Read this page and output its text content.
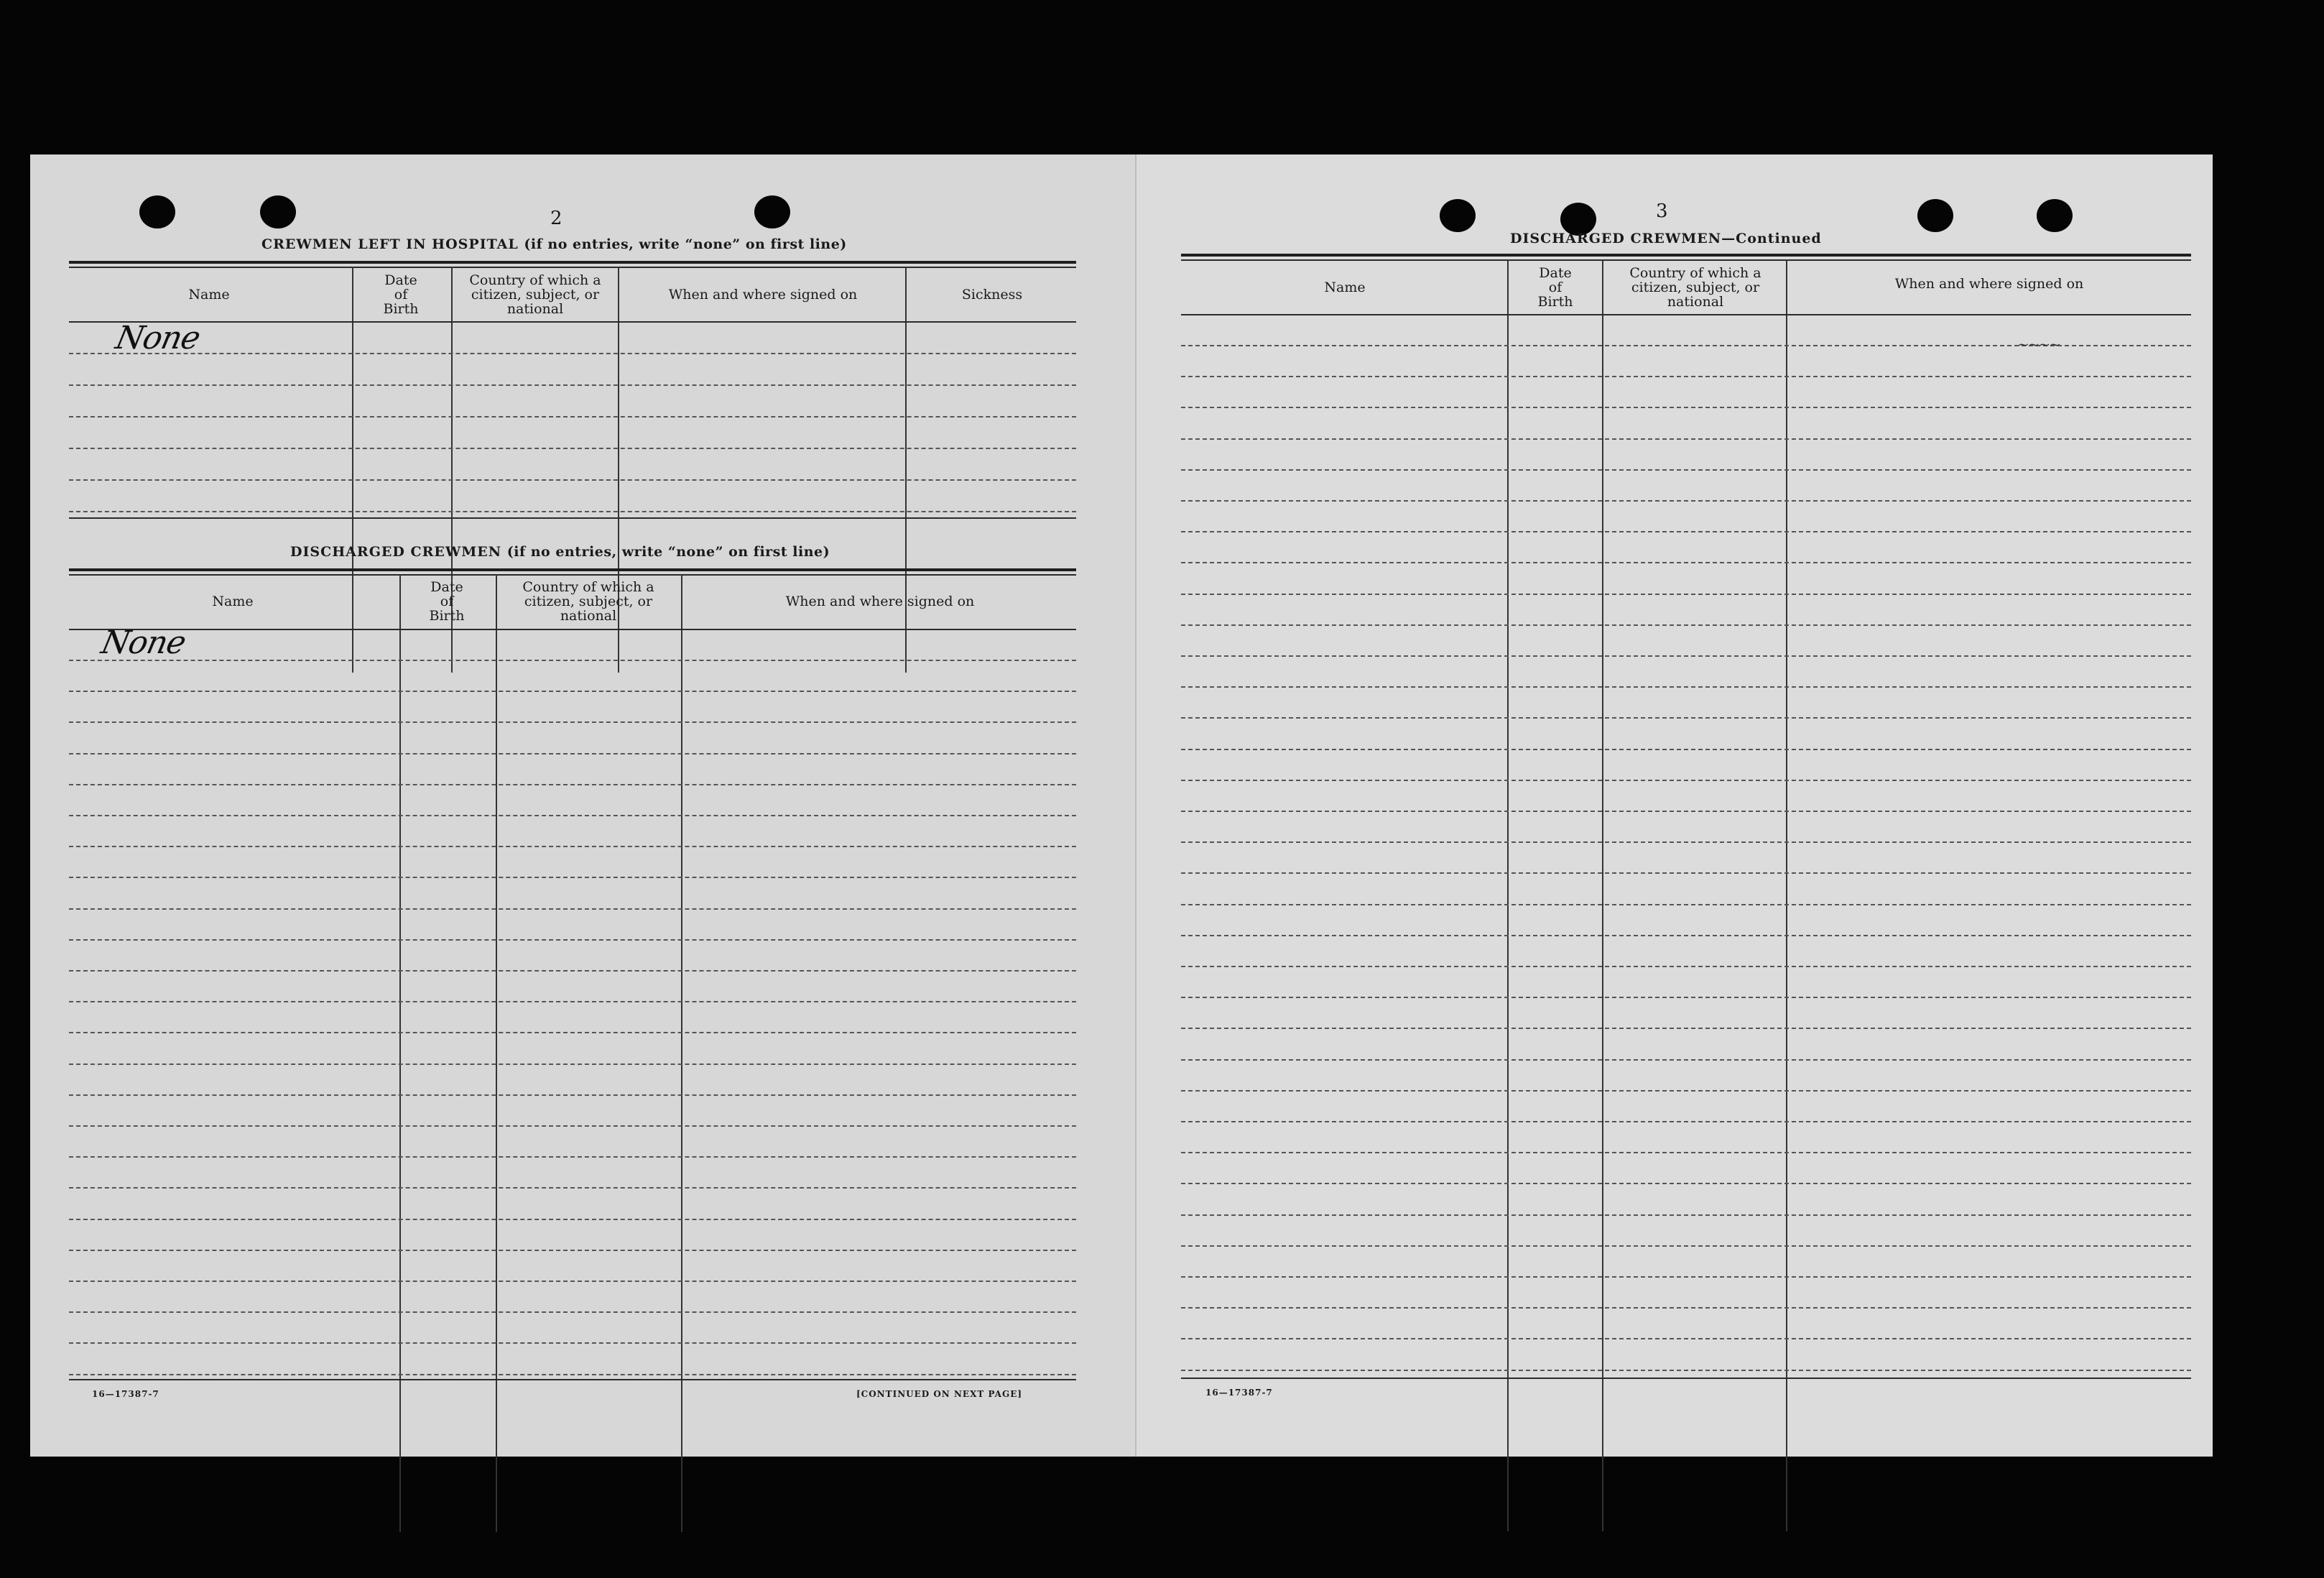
2
CREWMEN LEFT IN HOSPITAL (if no entries, write “none” on first line)
Name
Date
of
Birth
Country of which a
citizen, subject, or
national
When and where signed on	Sickness
None
DISCHARGED CREWMEN (if no entries, write “none” on first line)
Name
Date
of
Birth
Country of which a
citizen, subject, or
national
When and where signed on
None
16—17387-7	[CONTINUED ON NEXT PAGE]
3
DISCHARGED CREWMEN—Continued
Name
Date
of
Birth
Country of which a
citizen, subject, or
national
When and where signed on
~~~~
16—17387-7
